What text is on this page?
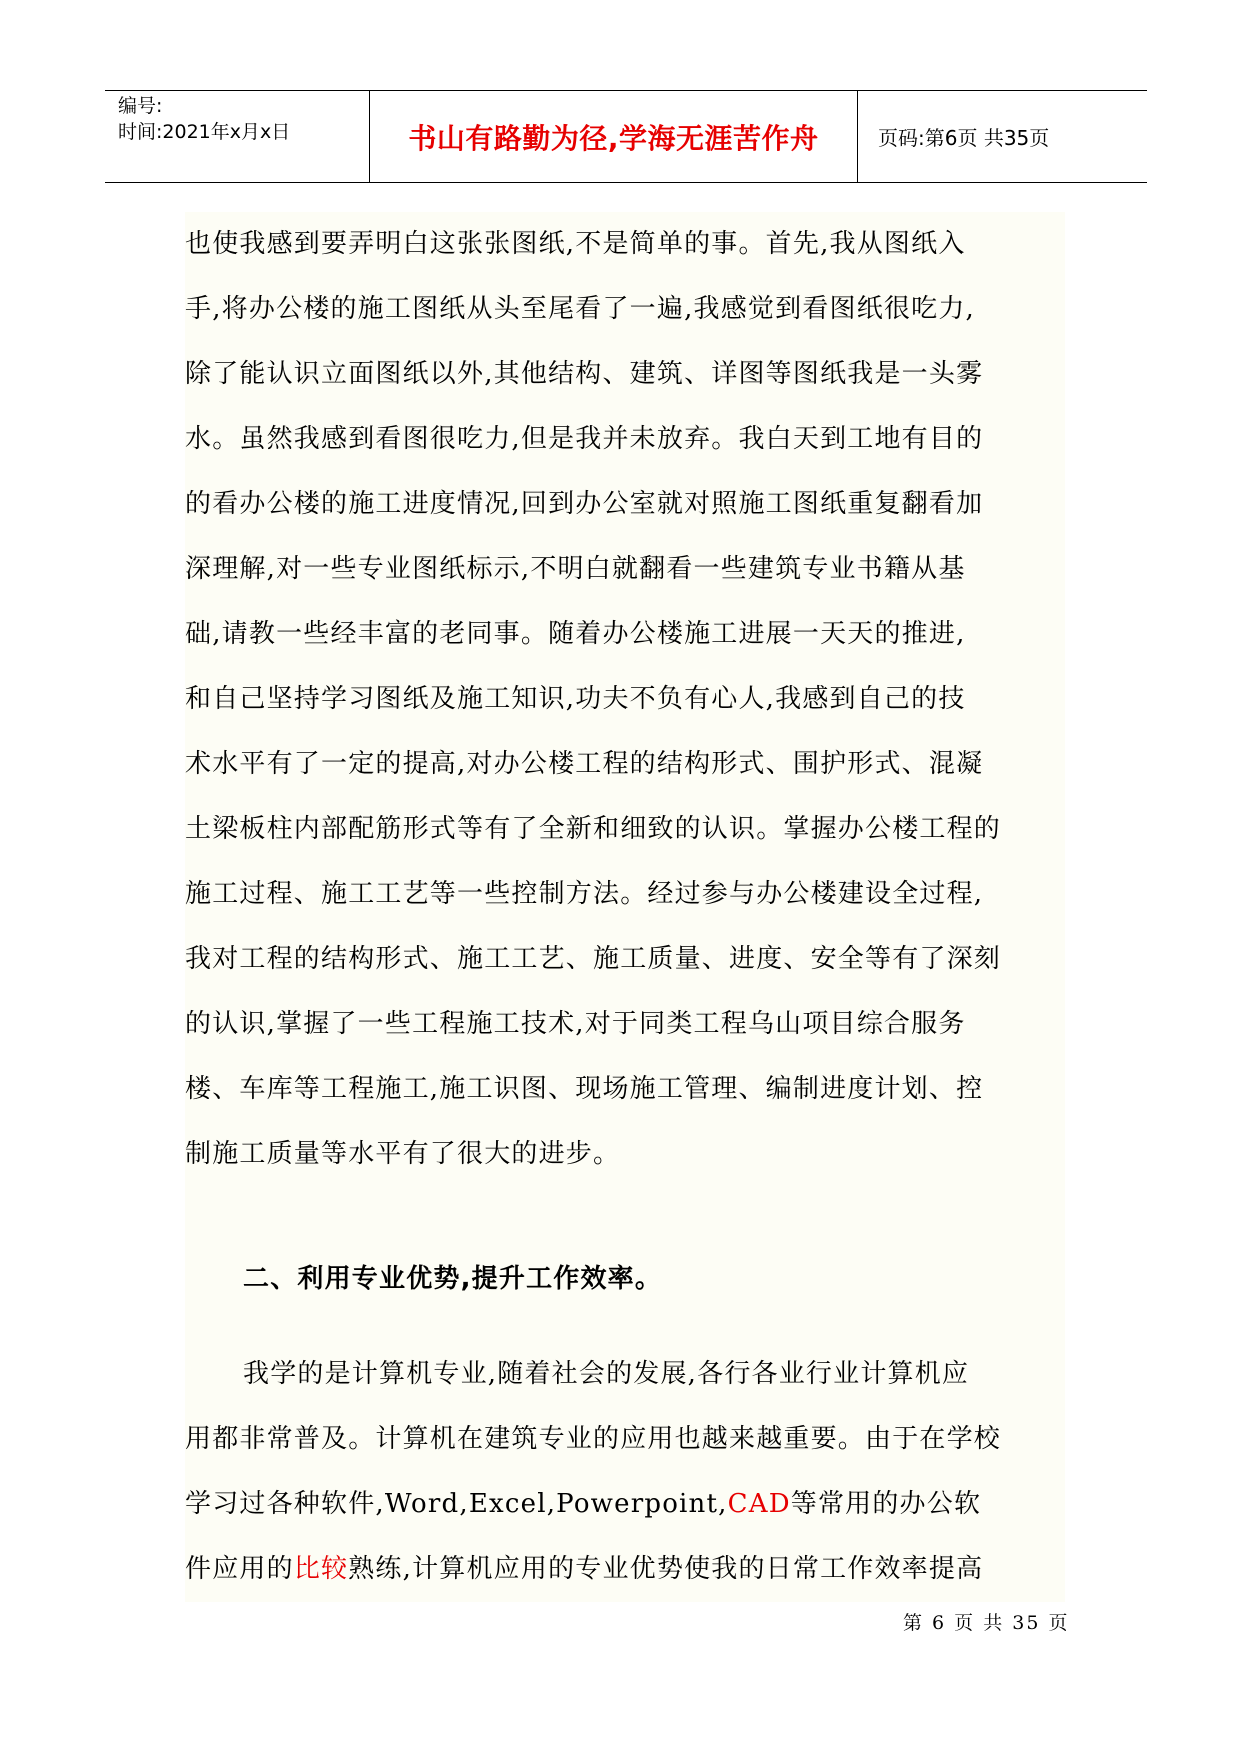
编号:
时间:2021年x月x日	书山有路勤为径,学海无涯苦作舟	页码:第6页 共35页

也使我感到要弄明白这张张图纸,不是简单的事。首先,我从图纸入
手,将办公楼的施工图纸从头至尾看了一遍,我感觉到看图纸很吃力,
除了能认识立面图纸以外,其他结构、建筑、详图等图纸我是一头雾
水。虽然我感到看图很吃力,但是我并未放弃。我白天到工地有目的
的看办公楼的施工进度情况,回到办公室就对照施工图纸重复翻看加
深理解,对一些专业图纸标示,不明白就翻看一些建筑专业书籍从基
础,请教一些经丰富的老同事。随着办公楼施工进展一天天的推进,
和自己坚持学习图纸及施工知识,功夫不负有心人,我感到自己的技
术水平有了一定的提高,对办公楼工程的结构形式、围护形式、混凝
土梁板柱内部配筋形式等有了全新和细致的认识。掌握办公楼工程的
施工过程、施工工艺等一些控制方法。经过参与办公楼建设全过程,
我对工程的结构形式、施工工艺、施工质量、进度、安全等有了深刻
的认识,掌握了一些工程施工技术,对于同类工程乌山项目综合服务
楼、车库等工程施工,施工识图、现场施工管理、编制进度计划、控
制施工质量等水平有了很大的进步。

二、利用专业优势,提升工作效率。

我学的是计算机专业,随着社会的发展,各行各业行业计算机应
用都非常普及。计算机在建筑专业的应用也越来越重要。由于在学校
学习过各种软件,Word,Excel,Powerpoint,CAD等常用的办公软
件应用的比较熟练,计算机应用的专业优势使我的日常工作效率提高

第 6 页 共 35 页
